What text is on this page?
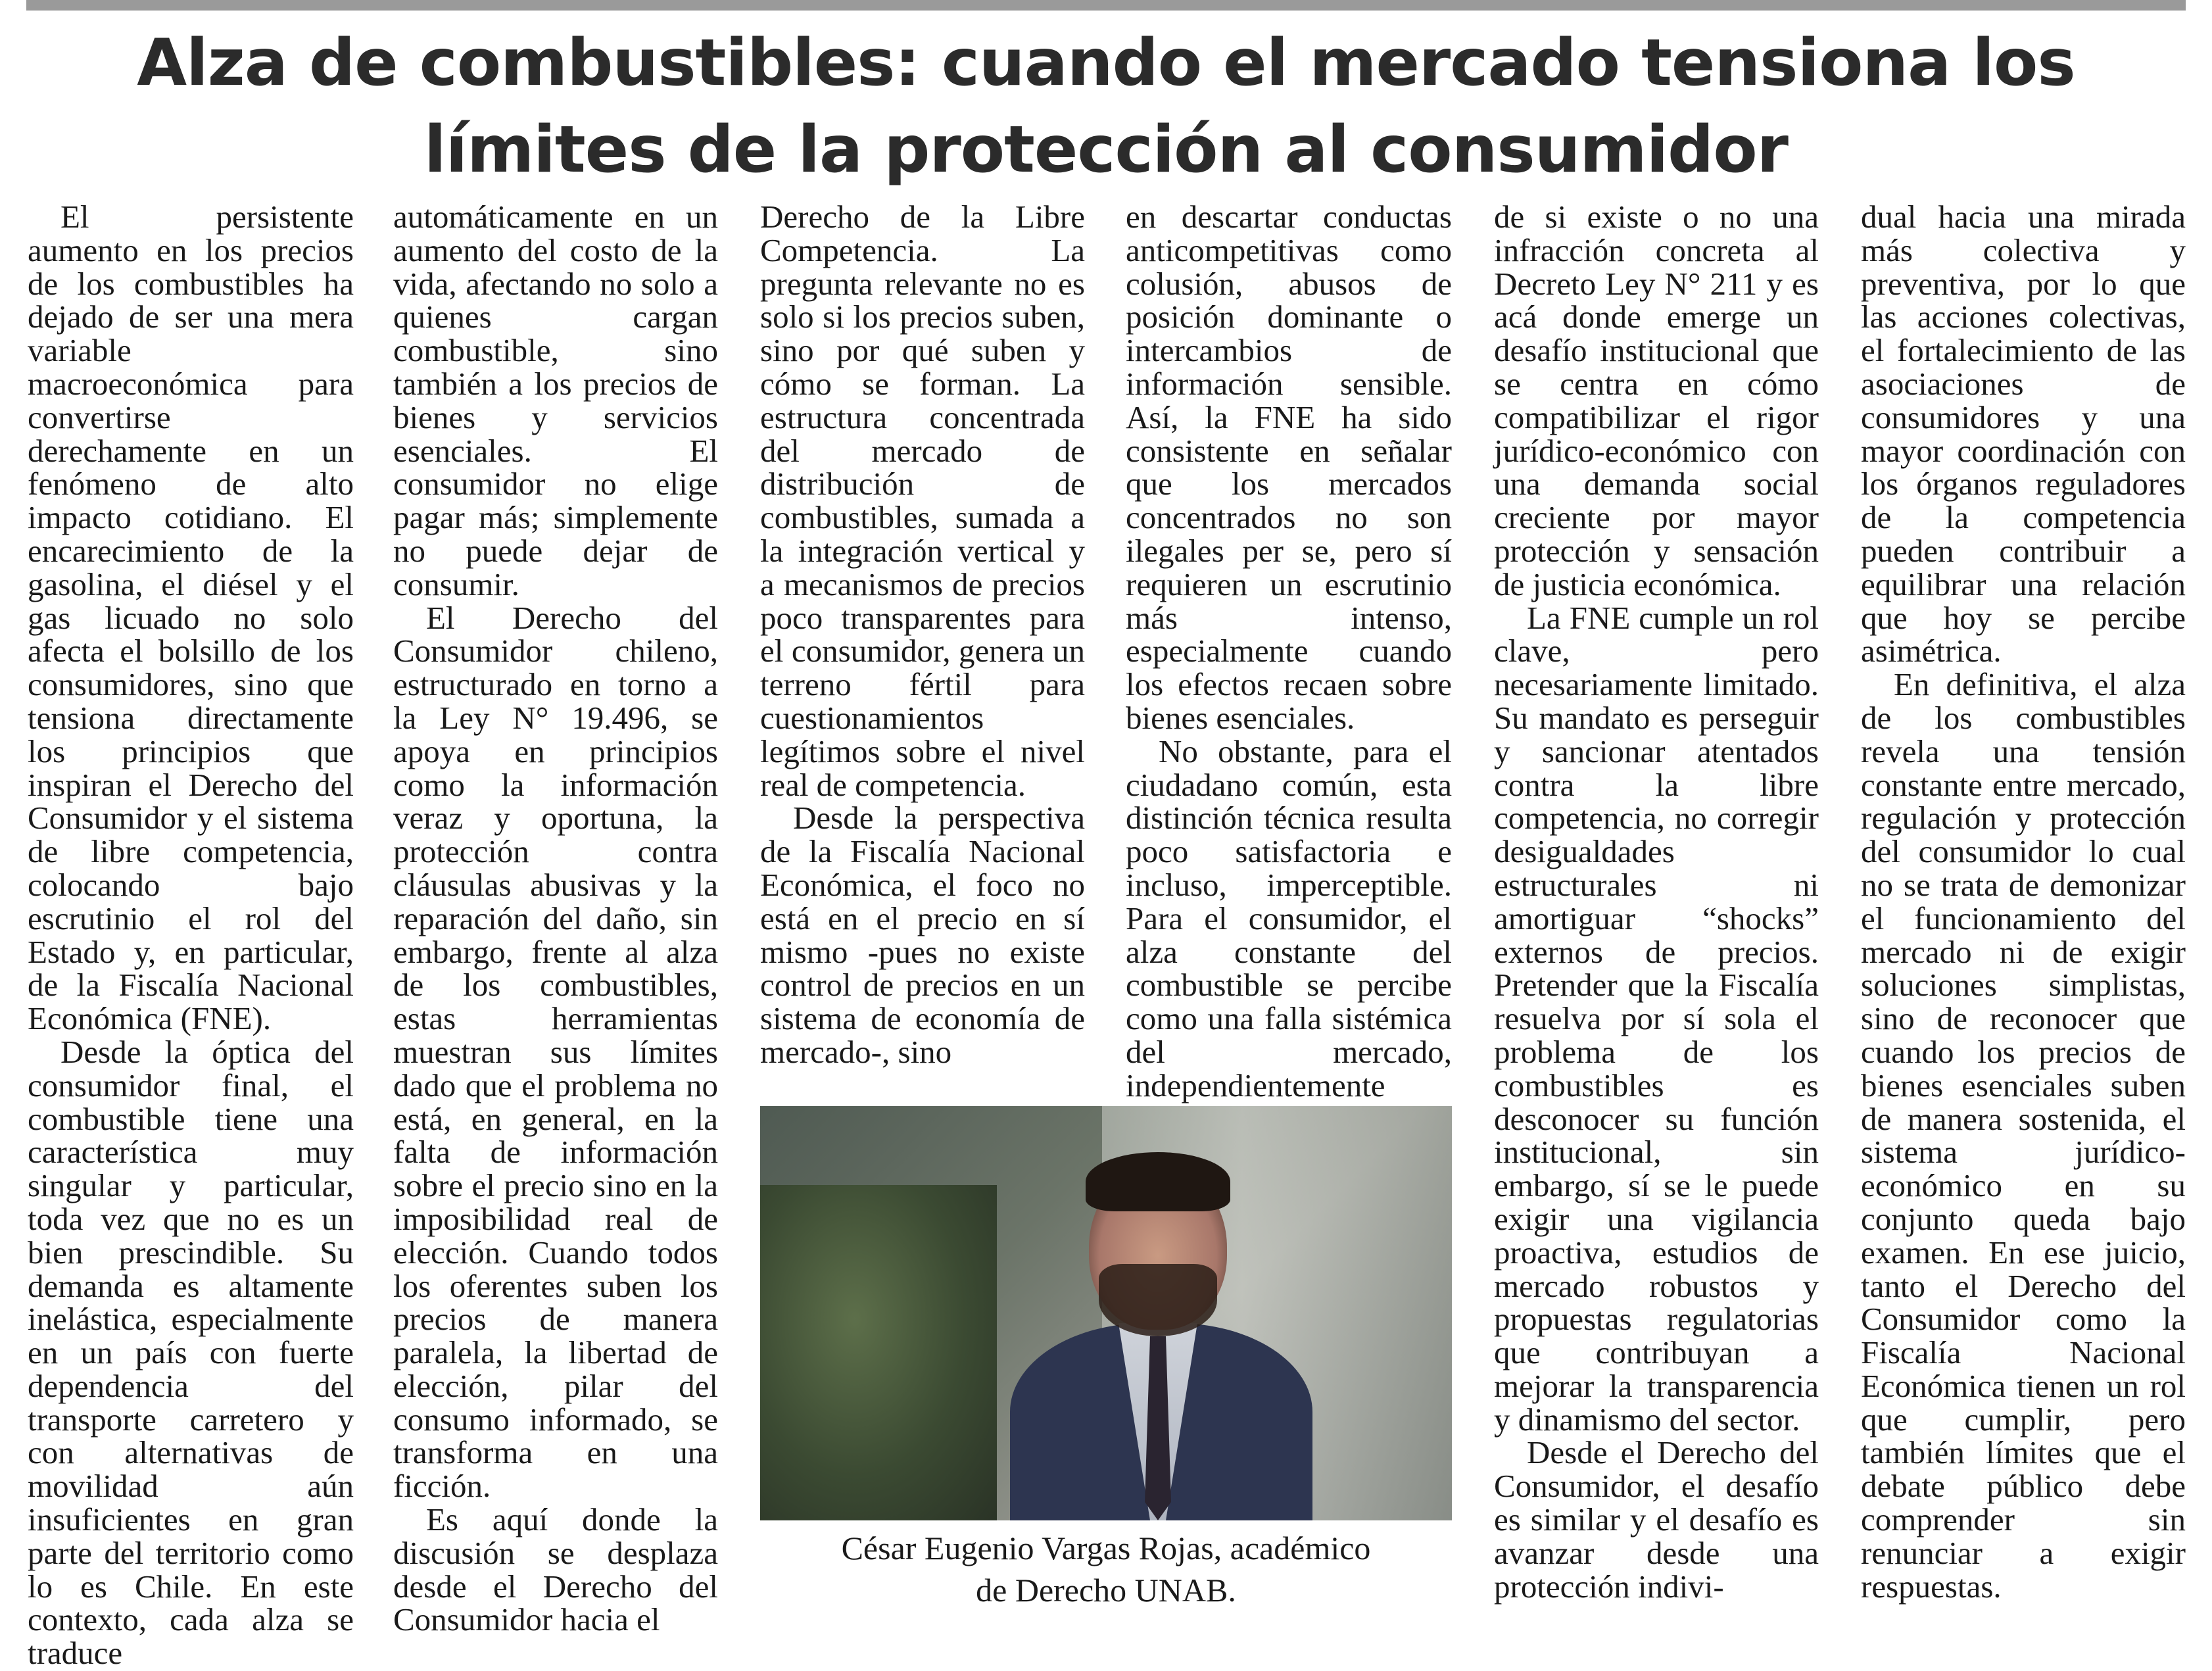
Alza de combustibles: cuando el mercado tensiona los
límites de la protección al consumidor

El persistente aumento en los precios de los combustibles ha dejado de ser una mera variable macroeconómica para convertirse derechamente en un fenómeno de alto impacto cotidiano. El encarecimiento de la gasolina, el diésel y el gas licuado no solo afecta el bolsillo de los consumidores, sino que tensiona directamente los principios que inspiran el Derecho del Consumidor y el sistema de libre competencia, colocando bajo escrutinio el rol del Estado y, en particular, de la Fiscalía Nacional Económica (FNE).

Desde la óptica del consumidor final, el combustible tiene una característica muy singular y particular, toda vez que no es un bien prescindible. Su demanda es altamente inelástica, especialmente en un país con fuerte dependencia del transporte carretero y con alternativas de movilidad aún insuficientes en gran parte del territorio como lo es Chile. En este contexto, cada alza se traduce

automáticamente en un aumento del costo de la vida, afectando no solo a quienes cargan combustible, sino también a los precios de bienes y servicios esenciales. El consumidor no elige pagar más; simplemente no puede dejar de consumir.

El Derecho del Consumidor chileno, estructurado en torno a la Ley N° 19.496, se apoya en principios como la información veraz y oportuna, la protección contra cláusulas abusivas y la reparación del daño, sin embargo, frente al alza de los combustibles, estas herramientas muestran sus límites dado que el problema no está, en general, en la falta de información sobre el precio sino en la imposibilidad real de elección. Cuando todos los oferentes suben los precios de manera paralela, la libertad de elección, pilar del consumo informado, se transforma en una ficción.

Es aquí donde la discusión se desplaza desde el Derecho del Consumidor hacia el

Derecho de la Libre Competencia. La pregunta relevante no es solo si los precios suben, sino por qué suben y cómo se forman. La estructura concentrada del mercado de distribución de combustibles, sumada a la integración vertical y a mecanismos de precios poco transparentes para el consumidor, genera un terreno fértil para cuestionamientos legítimos sobre el nivel real de competencia.

Desde la perspectiva de la Fiscalía Nacional Económica, el foco no está en el precio en sí mismo -pues no existe control de precios en un sistema de economía de mercado-, sino

en descartar conductas anticompetitivas como colusión, abusos de posición dominante o intercambios de información sensible. Así, la FNE ha sido consistente en señalar que los mercados concentrados no son ilegales per se, pero sí requieren un escrutinio más intenso, especialmente cuando los efectos recaen sobre bienes esenciales.

No obstante, para el ciudadano común, esta distinción técnica resulta poco satisfactoria e incluso, imperceptible. Para el consumidor, el alza constante del combustible se percibe como una falla sistémica del mercado, independientemente

de si existe o no una infracción concreta al Decreto Ley N° 211 y es acá donde emerge un desafío institucional que se centra en cómo compatibilizar el rigor jurídico-económico con una demanda social creciente por mayor protección y sensación de justicia económica.

La FNE cumple un rol clave, pero necesariamente limitado. Su mandato es perseguir y sancionar atentados contra la libre competencia, no corregir desigualdades estructurales ni amortiguar “shocks” externos de precios. Pretender que la Fiscalía resuelva por sí sola el problema de los combustibles es desconocer su función institucional, sin embargo, sí se le puede exigir una vigilancia proactiva, estudios de mercado robustos y propuestas regulatorias que contribuyan a mejorar la transparencia y dinamismo del sector.

Desde el Derecho del Consumidor, el desafío es similar y el desafío es avanzar desde una protección indivi-

dual hacia una mirada más colectiva y preventiva, por lo que las acciones colectivas, el fortalecimiento de las asociaciones de consumidores y una mayor coordinación con los órganos reguladores de la competencia pueden contribuir a equilibrar una relación que hoy se percibe asimétrica.

En definitiva, el alza de los combustibles revela una tensión constante entre mercado, regulación y protección del consumidor lo cual no se trata de demonizar el funcionamiento del mercado ni de exigir soluciones simplistas, sino de reconocer que cuando los precios de bienes esenciales suben de manera sostenida, el sistema jurídico-económico en su conjunto queda bajo examen. En ese juicio, tanto el Derecho del Consumidor como la Fiscalía Nacional Económica tienen un rol que cumplir, pero también límites que el debate público debe comprender sin renunciar a exigir respuestas.

César Eugenio Vargas Rojas, académico
de Derecho UNAB.
